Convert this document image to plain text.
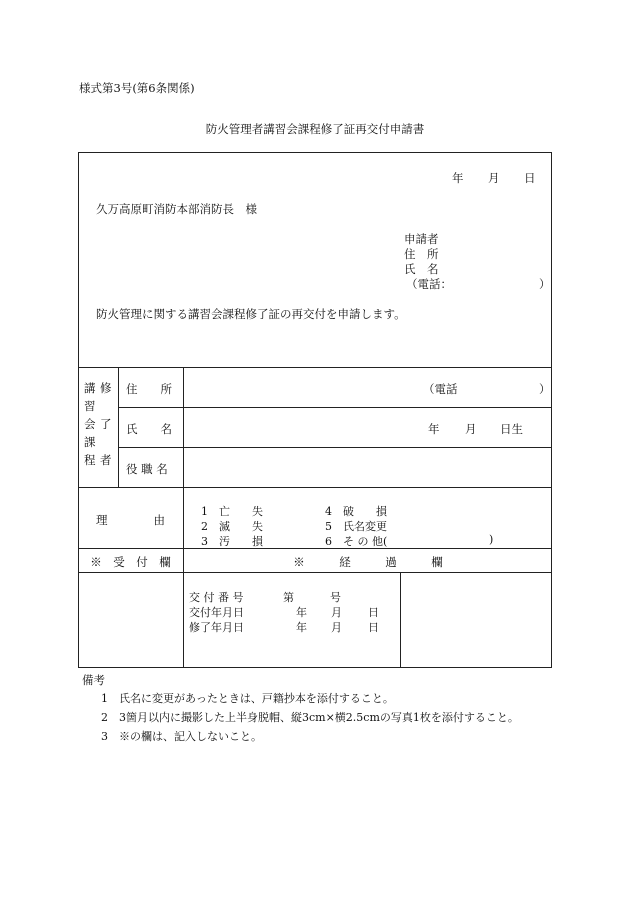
様式第3号(第6条関係)
防火管理者講習会課程修了証再交付申請書
年 月 日
久万高原町消防本部消防長　様
申請者
住　所
氏　名
（電話：	）
防火管理に関する講習会課程修了証の再交付を申請します。
講
習
会
課
程
修
了
者
住　　所	（電話	）
氏　　名	年 月 日生
役 職 名
理　　　　由
1　亡　　失
2　滅　　失
3　汚　　損
4　破　　損
5　氏名変更
6　そ の 他(	)
※　受　付　欄	※　　　経　　　過　　　欄
交 付 番 号	第	号
交付年月日	年 月 日
修了年月日	年 月 日
備考
1　氏名に変更があったときは、戸籍抄本を添付すること。
2　3箇月以内に撮影した上半身脱帽、縦3cm×横2.5cmの写真1枚を添付すること。
3　※の欄は、記入しないこと。
